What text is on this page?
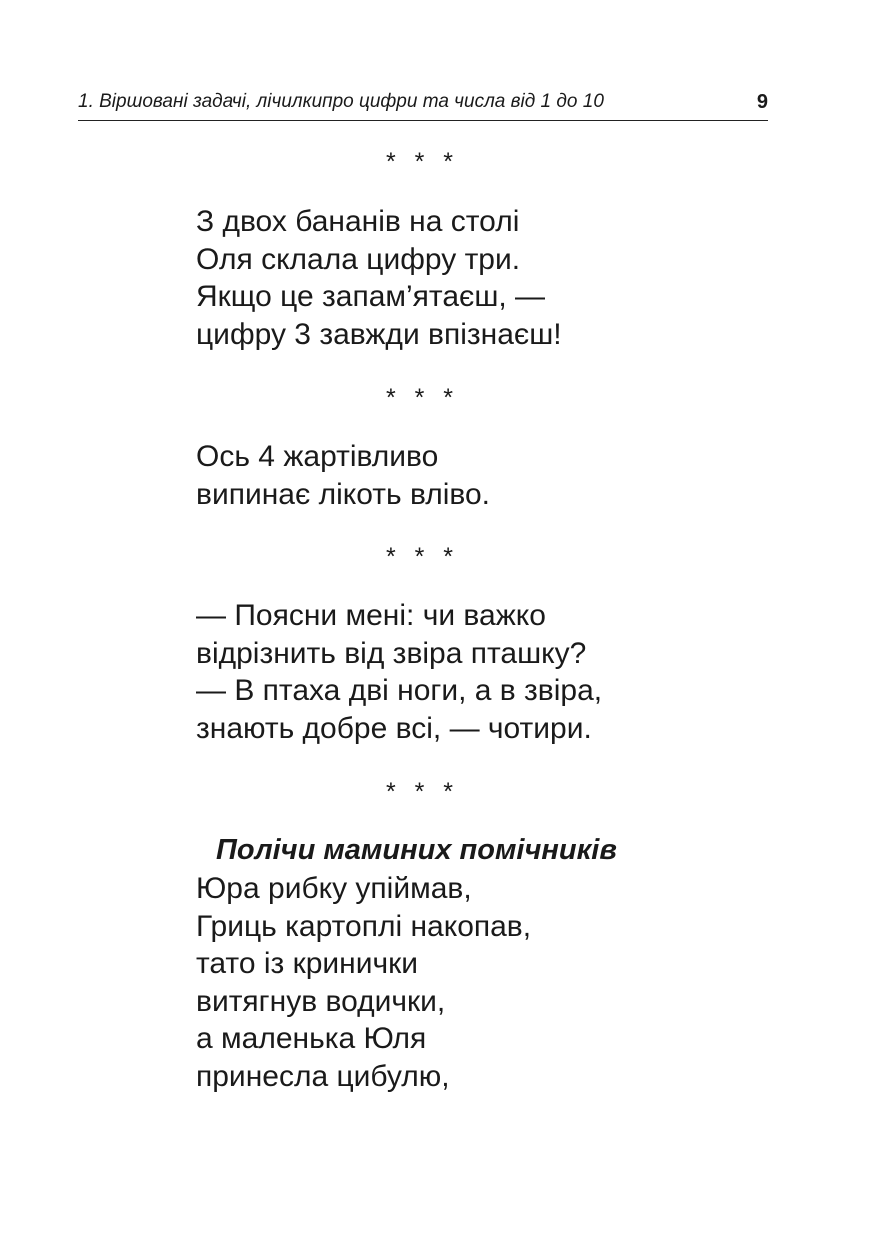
1. Віршовані задачі, лічилкипро цифри та числа від 1 до 10	9
* * *
З двох бананів на столі
Оля склала цифру три.
Якщо це запам’ятаєш, —
цифру 3 завжди впізнаєш!
* * *
Ось 4 жартівливо
випинає лікоть вліво.
* * *
— Поясни мені: чи важко
відрізнить від звіра пташку?
— В птаха дві ноги, а в звіра,
знають добре всі, — чотири.
* * *
Полічи маминих помічників
Юра рибку упіймав,
Гриць картоплі накопав,
тато із кринички
витягнув водички,
а маленька Юля
принесла цибулю,
